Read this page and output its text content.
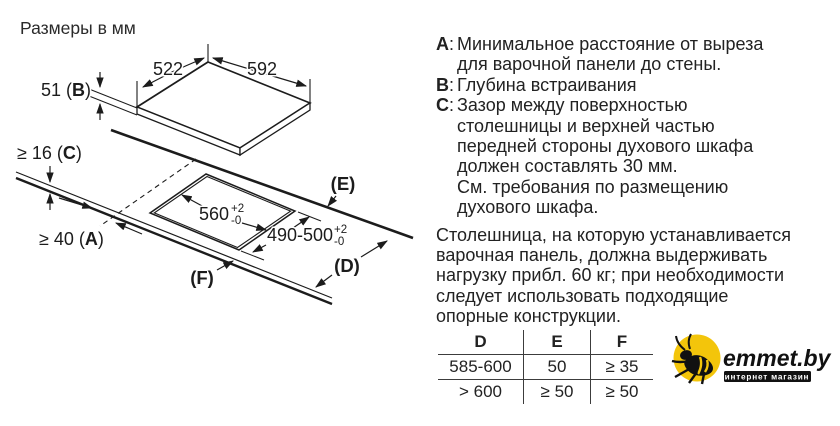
Размеры в мм
522	592
51 (B)
≥ 16 (C)
≥ 40 (A)
560 +2
-0
490-500 +2
-0
(E)
(D)
(F)
A: Минимальное расстояние от выреза
для варочной панели до стены.
B: Глубина встраивания
C: Зазор между поверхностью
столешницы и верхней частью
передней стороны духового шкафа
должен составлять 30 мм.
См. требования по размещению
духового шкафа.
Столешница, на которую устанавливается
варочная панель, должна выдерживать
нагрузку прибл. 60 кг; при необходимости
следует использовать подходящие
опорные конструкции.
D	E	F
585-600	50	≥ 35
> 600	≥ 50	≥ 50
emmet.by
интернет магазин
